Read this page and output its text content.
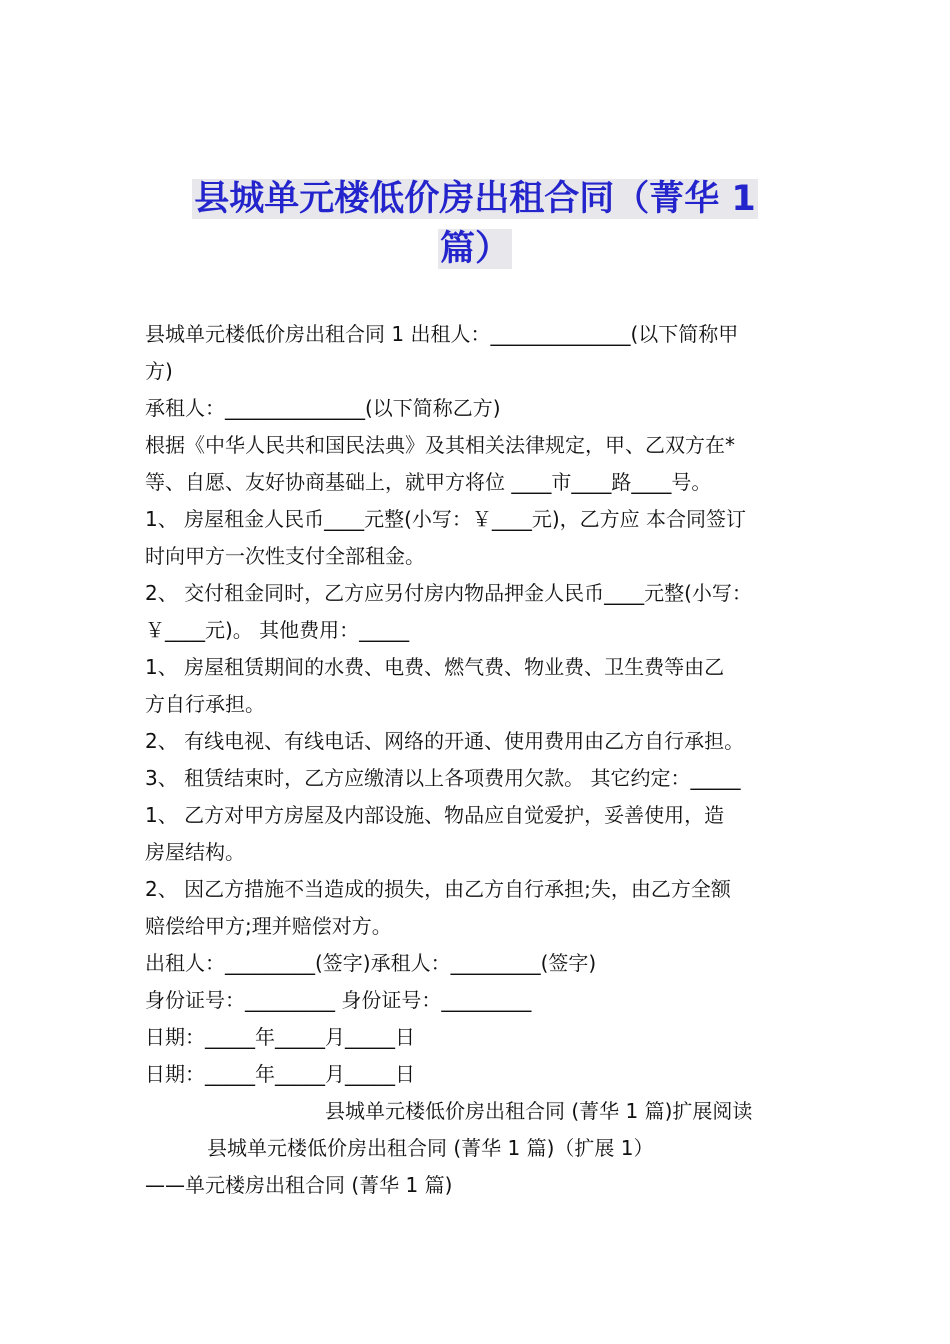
县城单元楼低价房出租合同（菁华 1
篇）

县城单元楼低价房出租合同 1 出租人：______________(以下简称甲

方)

承租人：______________(以下简称乙方)

根据《中华人民共和国民法典》及其相关法律规定，甲、乙双方在*

等、自愿、友好协商基础上，就甲方将位 ____市____路____号。

1、 房屋租金人民币____元整(小写：￥____元)，乙方应 本合同签订

时向甲方一次性支付全部租金。

2、 交付租金同时，乙方应另付房内物品押金人民币____元整(小写：

￥____元)。 其他费用：_____

1、 房屋租赁期间的水费、电费、燃气费、物业费、卫生费等由乙

方自行承担。

2、 有线电视、有线电话、网络的开通、使用费用由乙方自行承担。

3、 租赁结束时，乙方应缴清以上各项费用欠款。 其它约定：_____

1、 乙方对甲方房屋及内部设施、物品应自觉爱护，妥善使用，造

房屋结构。

2、 因乙方措施不当造成的损失，由乙方自行承担;失，由乙方全额

赔偿给甲方;理并赔偿对方。

出租人：_________(签字)承租人：_________(签字)

身份证号：_________ 身份证号：_________

日期：_____年_____月_____日

日期：_____年_____月_____日

县城单元楼低价房出租合同 (菁华 1 篇)扩展阅读

县城单元楼低价房出租合同 (菁华 1 篇)（扩展 1）

——单元楼房出租合同 (菁华 1 篇)
